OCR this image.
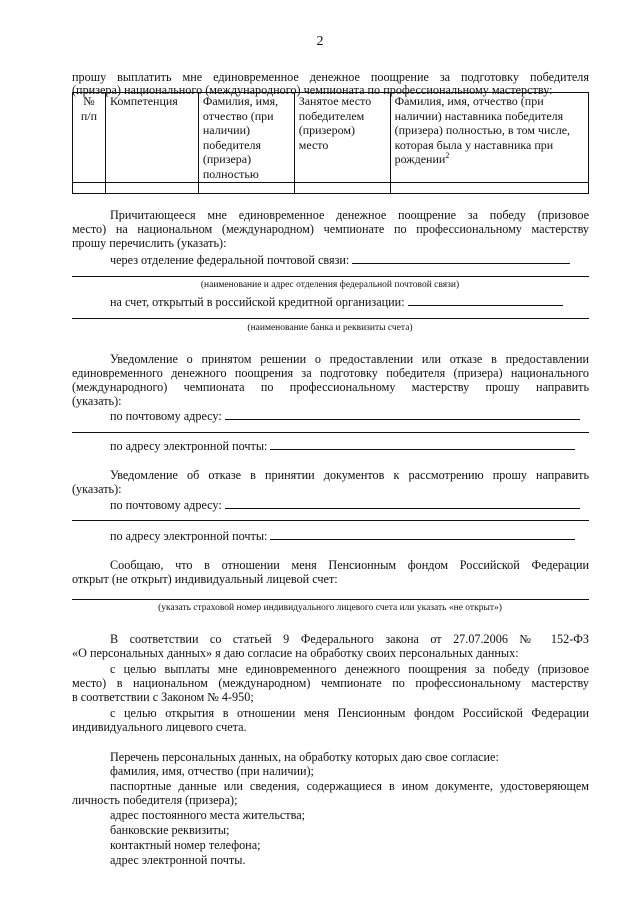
2
прошу выплатить мне единовременное денежное поощрение за подготовку победителя
(призера) национального (международного) чемпионата по профессиональному мастерству:
№ п/п	Компетенция	Фамилия, имя, отчество (при наличии) победителя (призера) полностью	Занятое место победителем (призером) место	Фамилия, имя, отчество (при наличии) наставника победителя (призера) полностью, в том числе, которая была у наставника при рождении$^2$

Причитающееся мне единовременное денежное поощрение за победу (призовое
место) на национальном (международном) чемпионате по профессиональному мастерству
прошу перечислить (указать):
через отделение федеральной почтовой связи:
(наименование и адрес отделения федеральной почтовой связи)
на счет, открытый в российской кредитной организации:
(наименование банка и реквизиты счета)
Уведомление о принятом решении о предоставлении или отказе в предоставлении
единовременного денежного поощрения за подготовку победителя (призера) национального
(международного) чемпионата по профессиональному мастерству прошу направить
(указать):
по почтовому адресу:
по адресу электронной почты:
Уведомление об отказе в принятии документов к рассмотрению прошу направить
(указать):
по почтовому адресу:
по адресу электронной почты:
Сообщаю, что в отношении меня Пенсионным фондом Российской Федерации
открыт (не открыт) индивидуальный лицевой счет:
(указать страховой номер индивидуального лицевого счета или указать «не открыт»)
В соответствии со статьей 9 Федерального закона от 27.07.2006 № 152-ФЗ
«О персональных данных» я даю согласие на обработку своих персональных данных:
с целью выплаты мне единовременного денежного поощрения за победу (призовое
место) в национальном (международном) чемпионате по профессиональному мастерству
в соответствии с Законом № 4-950;
с целью открытия в отношении меня Пенсионным фондом Российской Федерации
индивидуального лицевого счета.
Перечень персональных данных, на обработку которых даю свое согласие:
фамилия, имя, отчество (при наличии);
паспортные данные или сведения, содержащиеся в ином документе, удостоверяющем
личность победителя (призера);
адрес постоянного места жительства;
банковские реквизиты;
контактный номер телефона;
адрес электронной почты.
